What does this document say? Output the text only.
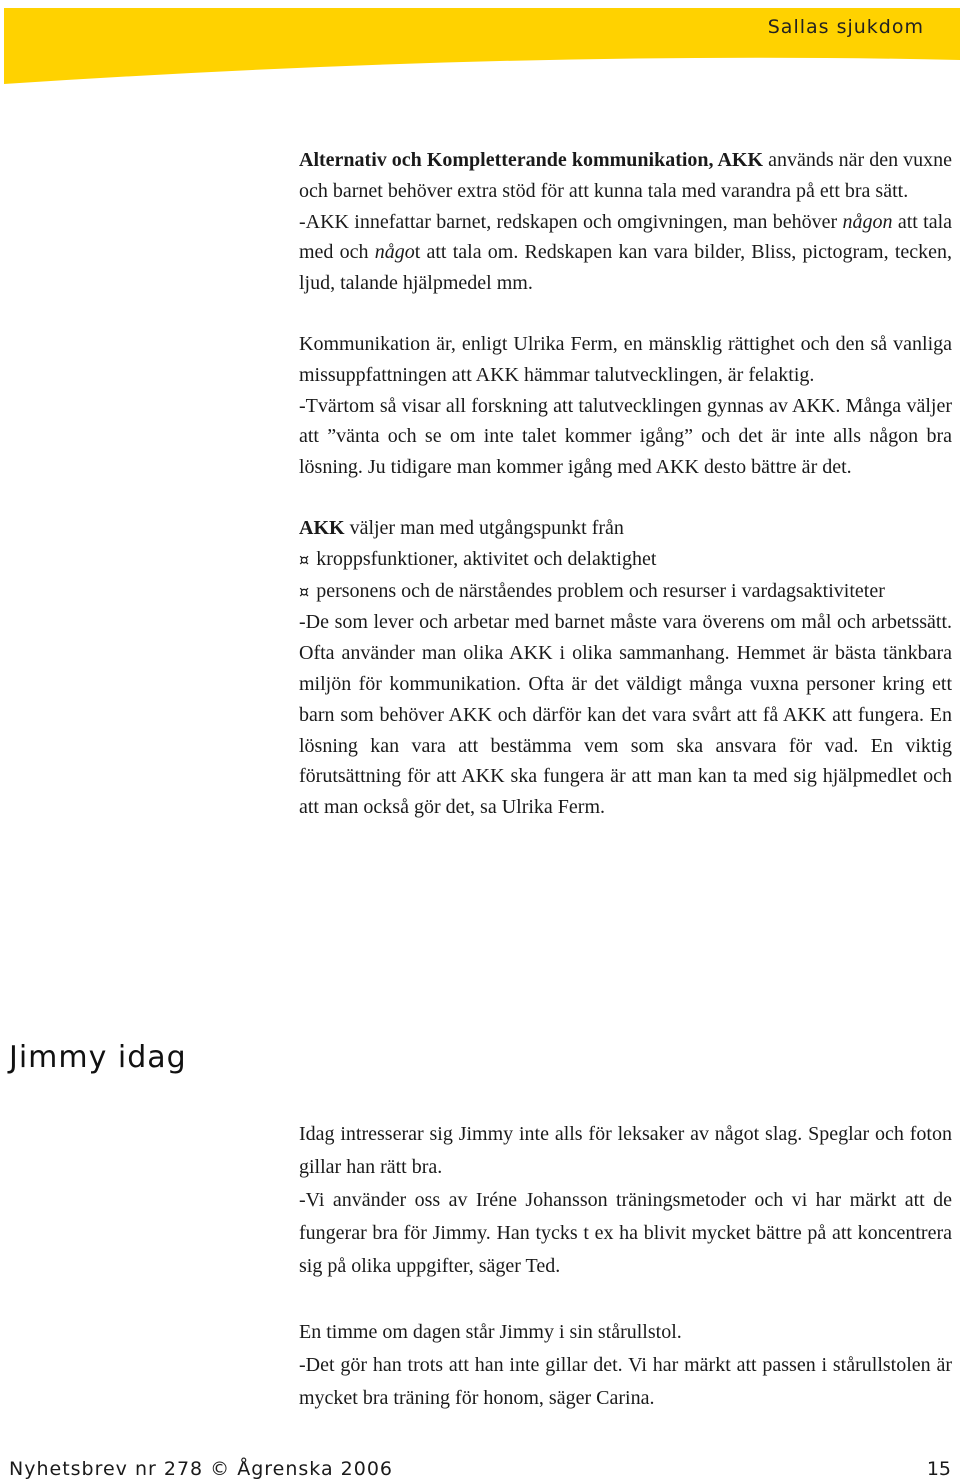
Sallas sjukdom

Alternativ och Kompletterande kommunikation, AKK används när den vuxne och barnet behöver extra stöd för att kunna tala med varandra på ett bra sätt.

-AKK innefattar barnet, redskapen och omgivningen, man behöver någon att tala med och något att tala om. Redskapen kan vara bilder, Bliss, pictogram, tecken, ljud, talande hjälpmedel mm.

Kommunikation är, enligt Ulrika Ferm, en mänsklig rättighet och den så vanliga missuppfattningen att AKK hämmar talutvecklingen, är felaktig.

-Tvärtom så visar all forskning att talutvecklingen gynnas av AKK. Många väljer att ”vänta och se om inte talet kommer igång” och det är inte alls någon bra lösning. Ju tidigare man kommer igång med AKK desto bättre är det.

AKK väljer man med utgångspunkt från

¤ kroppsfunktioner, aktivitet och delaktighet

¤ personens och de närståendes problem och resurser i vardagsaktiviteter

-De som lever och arbetar med barnet måste vara överens om mål och arbetssätt. Ofta använder man olika AKK i olika sammanhang. Hemmet är bästa tänkbara miljön för kommunikation. Ofta är det väldigt många vuxna personer kring ett barn som behöver AKK och därför kan det vara svårt att få AKK att fungera. En lösning kan vara att bestämma vem som ska ansvara för vad. En viktig förutsättning för att AKK ska fungera är att man kan ta med sig hjälpmedlet och att man också gör det, sa Ulrika Ferm.

Jimmy idag

Idag intresserar sig Jimmy inte alls för leksaker av något slag. Speglar och foton gillar han rätt bra.

-Vi använder oss av Iréne Johansson träningsmetoder och vi har märkt att de fungerar bra för Jimmy. Han tycks t ex ha blivit mycket bättre på att koncentrera sig på olika uppgifter, säger Ted.

En timme om dagen står Jimmy i sin stårullstol.

-Det gör han trots att han inte gillar det. Vi har märkt att passen i stårullstolen är mycket bra träning för honom, säger Carina.

Nyhetsbrev nr 278 © Ågrenska 2006	15
